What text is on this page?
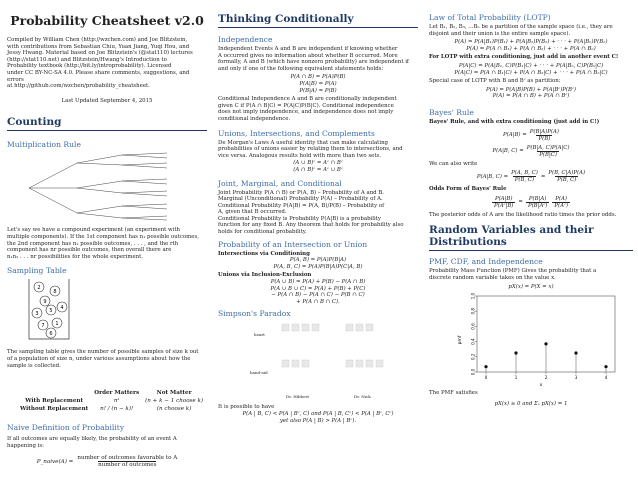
Probability Cheatsheet v2.0

Compiled by William Chen (http://wzchen.com) and Joe Blitzstein,

with contributions from Sebastian Chiu, Yuan Jiang, Yuqi Hou, and

Jessy Hwang. Material based on Joe Blitzstein's (@stat110) lectures

(http://stat110.net) and Blitzstein/Hwang's Introduction to

Probability textbook (http://bit.ly/introprobability). Licensed

under CC BY-NC-SA 4.0. Please share comments, suggestions, and errors

at http://github.com/wzchen/probability_cheatsheet.

Last Updated September 4, 2015

Counting
Multiplication Rule

Let's say we have a compound experiment (an experiment with

multiple components). If the 1st component has n₁ possible outcomes,

the 2nd component has n₂ possible outcomes, . . . , and the rth

component has nr possible outcomes, then overall there are

n₁n₂ . . . nr possibilities for the whole experiment.

Sampling Table
2
8
9
3 5 4
7 1
6

The sampling table gives the number of possible samples of size k out

of a population of size n, under various assumptions about how the

sample is collected.

	Order Matters	Not Matter
With Replacement	nᵏ	(n + k − 1 choose k)
Without Replacement	n! / (n − k)!	(n choose k)
Naive Definition of Probability

If all outcomes are equally likely, the probability of an event A

happening is:

P_naive(A) =
number of outcomes favorable to A
number of outcomes
Thinking Conditionally
Independence

Independent Events A and B are independent if knowing whether

A occurred gives no information about whether B occurred. More

formally, A and B (which have nonzero probability) are independent if

and only if one of the following equivalent statements holds:

P(A ∩ B) = P(A)P(B)

P(A|B) = P(A)

P(B|A) = P(B)

Conditional Independence A and B are conditionally independent

given C if P(A ∩ B|C) = P(A|C)P(B|C). Conditional independence

does not imply independence, and independence does not imply

conditional independence.

Unions, Intersections, and Complements

De Morgan's Laws A useful identity that can make calculating

probabilities of unions easier by relating them to intersections, and

vice versa. Analogous results hold with more than two sets.

(A ∪ B)ᶜ = Aᶜ ∩ Bᶜ

(A ∩ B)ᶜ = Aᶜ ∪ Bᶜ

Joint, Marginal, and Conditional

Joint Probability P(A ∩ B) or P(A, B) – Probability of A and B.

Marginal (Unconditional) Probability P(A) – Probability of A.

Conditional Probability P(A|B) = P(A, B)/P(B) – Probability of

A, given that B occurred.

Conditional Probability is Probability P(A|B) is a probability

function for any fixed B. Any theorem that holds for probability also

holds for conditional probability.

Probability of an Intersection or Union

Intersections via Conditioning

P(A, B) = P(A)P(B|A)

P(A, B, C) = P(A)P(B|A)P(C|A, B)

Unions via Inclusion-Exclusion

P(A ∪ B) = P(A) + P(B) − P(A ∩ B)

P(A ∪ B ∪ C) = P(A) + P(B) + P(C)

− P(A ∩ B) − P(A ∩ C) − P(B ∩ C)

+ P(A ∩ B ∩ C).

Simpson's Paradox
heart
band-aid
Dr. Hibbert	Dr. Nick

It is possible to have

P(A | B, C) < P(A | Bᶜ, C) and P(A | B, Cᶜ) < P(A | Bᶜ, Cᶜ)

yet also P(A | B) > P(A | Bᶜ).

Law of Total Probability (LOTP)

Let B₁, B₂, B₃, ...Bₙ be a partition of the sample space (i.e., they are

disjoint and their union is the entire sample space).

P(A) = P(A|B₁)P(B₁) + P(A|B₂)P(B₂) + · · · + P(A|Bₙ)P(Bₙ)

P(A) = P(A ∩ B₁) + P(A ∩ B₂) + · · · + P(A ∩ Bₙ)

For LOTP with extra conditioning, just add in another event C!

P(A|C) = P(A|B₁, C)P(B₁|C) + · · · + P(A|Bₙ, C)P(Bₙ|C)

P(A|C) = P(A ∩ B₁|C) + P(A ∩ B₂|C) + · · · + P(A ∩ Bₙ|C)

Special case of LOTP with B and Bᶜ as partition:

P(A) = P(A|B)P(B) + P(A|Bᶜ)P(Bᶜ)

P(A) = P(A ∩ B) + P(A ∩ Bᶜ)

Bayes' Rule

Bayes' Rule, and with extra conditioning (just add in C!)

$P(A|B) = \frac{P(B|A)P(A)}{P(B)}$
P(A|B, $C) = \frac{P(B|A, C)P(A|C)}{P(B|C)}$

We can also write

P(A|B, $C) = \frac{P(A, B, C)}{P(B, C)} = \frac{P(B, C|A)P(A)}{P(B, C)}$

Odds Form of Bayes' Rule

$\frac{P(A|B)}{\text{P(Aᶜ|B)}} = \frac{P(B|A)}{\text{P(B|Aᶜ)}} \frac{P(A)}{\text{P(Aᶜ)}}$

The posterior odds of A are the likelihood ratio times the prior odds.

Random Variables and their Distributions
PMF, CDF, and Independence

Probability Mass Function (PMF) Gives the probability that a

discrete random variable takes on the value x.

pX(x) = P(X = x)

0.0
0.2
0.4
0.6
0.8
1.0
0	1	2	3	4
pmf
x

The PMF satisfies

pX(x) ≥ 0 and Σₓ pX(x) = 1
